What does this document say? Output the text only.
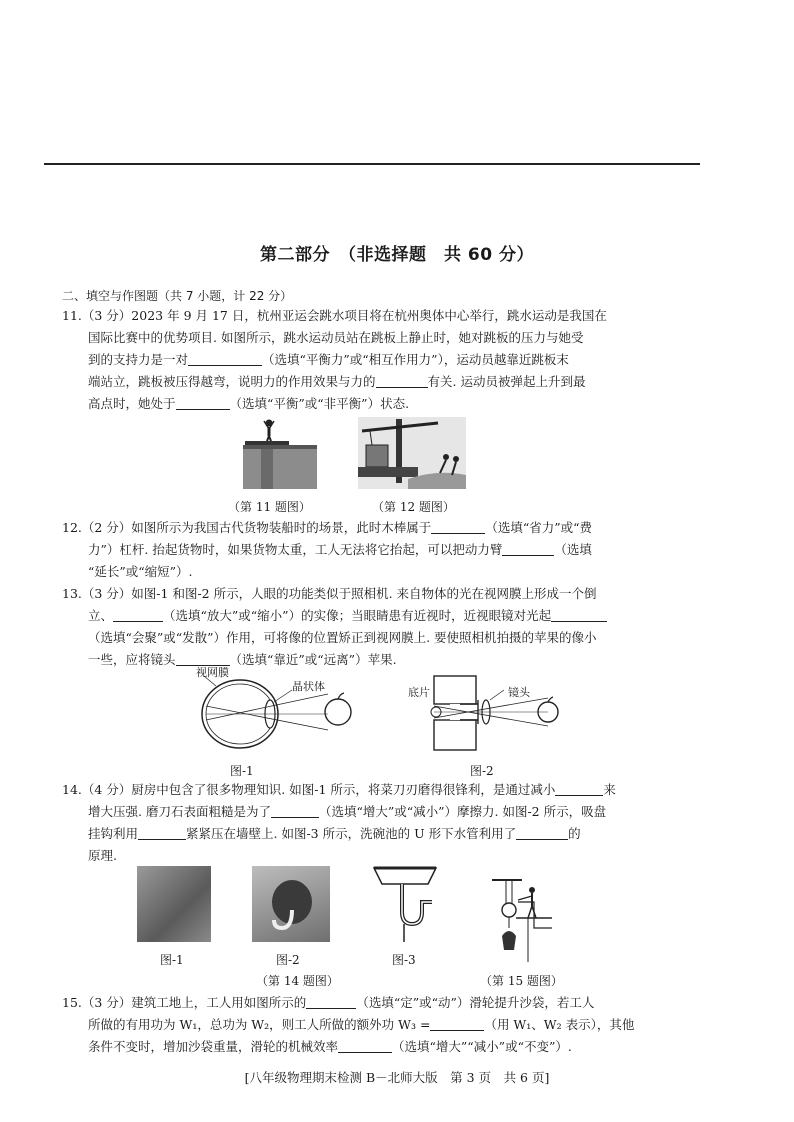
第二部分　（非选择题　共 60 分）
二、填空与作图题（共 7 小题，计 22 分）
11.（3 分）2023 年 9 月 17 日，杭州亚运会跳水项目将在杭州奥体中心举行，跳水运动是我国在
国际比赛中的优势项目. 如图所示，跳水运动员站在跳板上静止时，她对跳板的压力与她受
到的支持力是一对	（选填“平衡力”或“相互作用力”），运动员越靠近跳板末
端站立，跳板被压得越弯，说明力的作用效果与力的	有关. 运动员被弹起上升到最
高点时，她处于	（选填“平衡”或“非平衡”）状态.
（第 11 题图）	（第 12 题图）
12.（2 分）如图所示为我国古代货物装船时的场景，此时木棒属于	（选填“省力”或“费
力”）杠杆. 抬起货物时，如果货物太重，工人无法将它抬起，可以把动力臂	（选填
“延长”或“缩短”）.
13.（3 分）如图-1 和图-2 所示，人眼的功能类似于照相机. 来自物体的光在视网膜上形成一个倒
立、	（选填“放大”或“缩小”）的实像；当眼睛患有近视时，近视眼镜对光起
（选填“会聚”或“发散”）作用，可将像的位置矫正到视网膜上. 要使照相机拍摄的苹果的像小
一些，应将镜头	（选填“靠近”或“远离”）苹果.
视网膜
晶状体
图-1
底片	镜头
图-2
14.（4 分）厨房中包含了很多物理知识. 如图-1 所示，将菜刀刃磨得很锋利，是通过减小	来
增大压强. 磨刀石表面粗糙是为了	（选填“增大”或“减小”）摩擦力. 如图-2 所示，吸盘
挂钩利用	紧紧压在墙壁上. 如图-3 所示，洗碗池的 U 形下水管利用了	的
原理.
图-1	图-2	图-3
（第 14 题图）	（第 15 题图）
15.（3 分）建筑工地上，工人用如图所示的	（选填“定”或“动”）滑轮提升沙袋，若工人
所做的有用功为 W₁，总功为 W₂，则工人所做的额外功 W₃ =	（用 W₁、W₂ 表示），其他
条件不变时，增加沙袋重量，滑轮的机械效率	（选填“增大”“减小”或“不变”）.
[八年级物理期末检测 B－北师大版　第 3 页　共 6 页]
